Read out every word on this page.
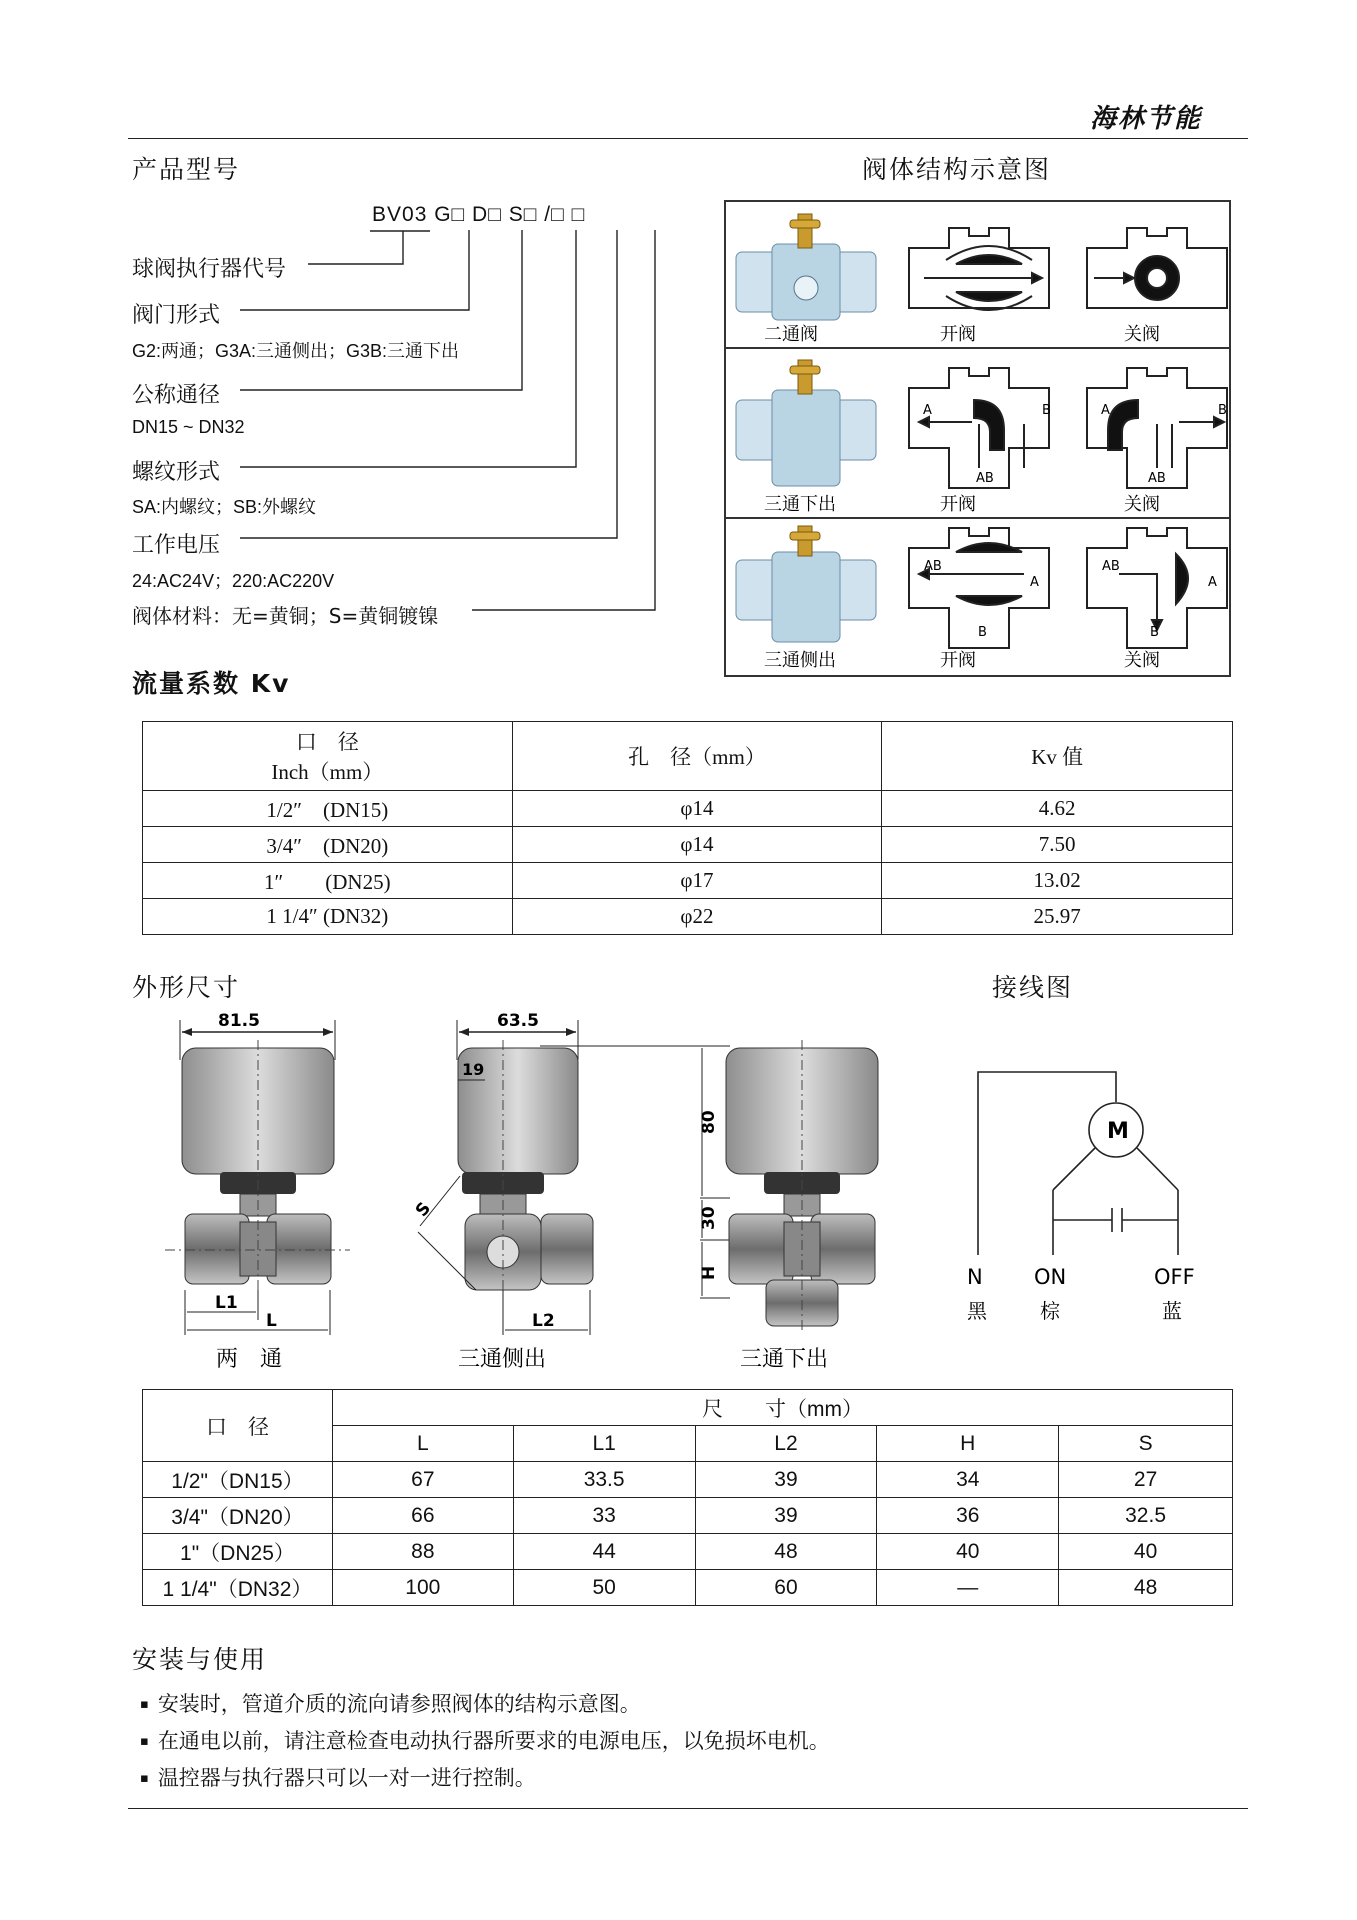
海林节能
产品型号	阀体结构示意图
BV03 G□ D□ S□ /□ □
球阀执行器代号
阀门形式
G2:两通；G3A:三通侧出；G3B:三通下出
公称通径
DN15 ~ DN32
螺纹形式
SA:内螺纹；SB:外螺纹
工作电压
24:AC24V；220:AC220V
阀体材料：无=黄铜；S=黄铜镀镍
二通阀	开阀	关阀
A	B
AB
A	B
AB
三通下出	开阀	关阀
AB
A
B
AB
A
B
三通侧出	开阀	关阀
流量系数 Kv
口　径
Inch（mm）	孔　径（mm）	Kv 值
1/2″　(DN15)	φ14	4.62
3/4″　(DN20)	φ14	7.50
1″　　(DN25)	φ17	13.02
1 1/4″ (DN32)	φ22	25.97
外形尺寸	接线图
81.5
L1
L
两　通
63.5
19
S
L2
三通侧出
80
30
H
三通下出
M
N ON	OFF
黑	棕	蓝
口　径	尺　　寸（mm）				
	L	L1	L2	H	S
1/2"（DN15）	67	33.5	39	34	27
3/4"（DN20）	66	33	39	36	32.5
1"（DN25）	88	44	48	40	40
1 1/4"（DN32）	100	50	60	—	48
安装与使用
▪ 安装时，管道介质的流向请参照阀体的结构示意图。
▪ 在通电以前，请注意检查电动执行器所要求的电源电压，以免损坏电机。
▪ 温控器与执行器只可以一对一进行控制。
